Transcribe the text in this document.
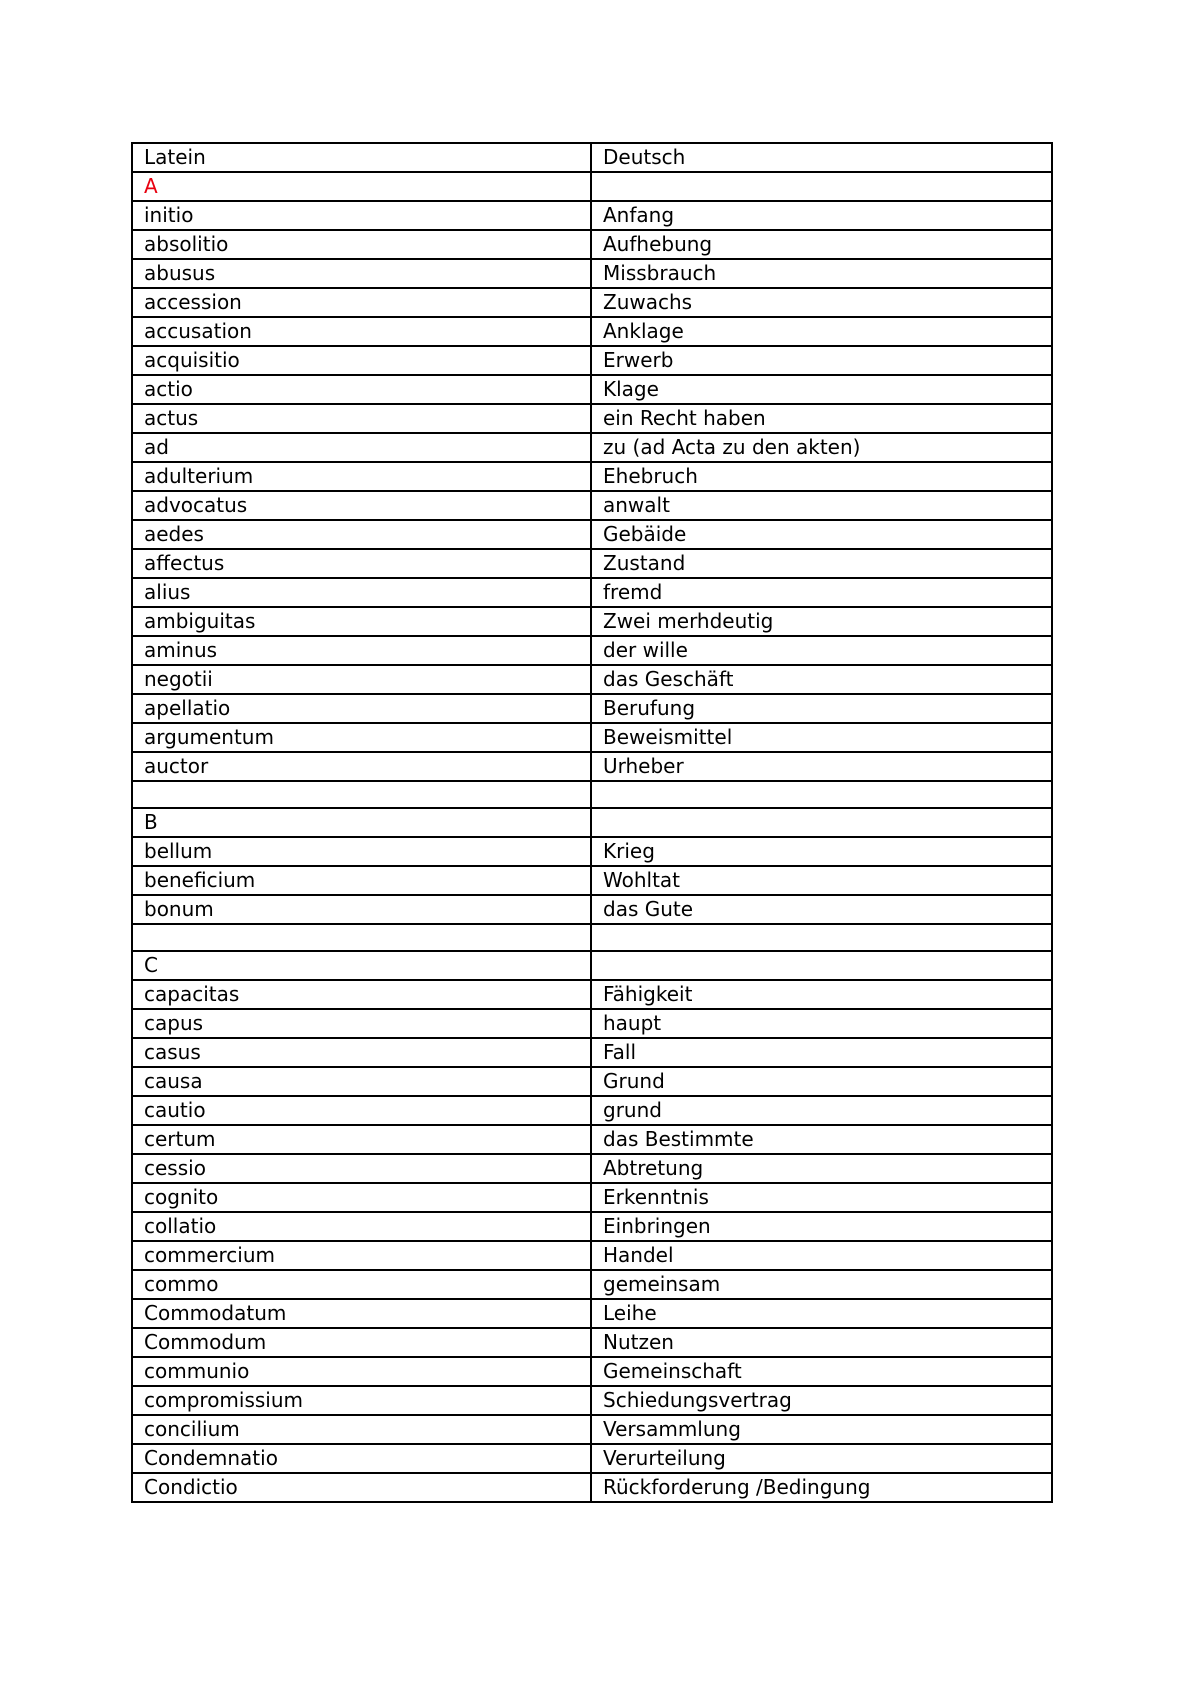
Latein	Deutsch
A	
initio	Anfang
absolitio	Aufhebung
abusus	Missbrauch
accession	Zuwachs
accusation	Anklage
acquisitio	Erwerb
actio	Klage
actus	ein Recht haben
ad	zu (ad Acta zu den akten)
adulterium	Ehebruch
advocatus	anwalt
aedes	Gebäide
affectus	Zustand
alius	fremd
ambiguitas	Zwei merhdeutig
aminus	der wille
negotii	das Geschäft
apellatio	Berufung
argumentum	Beweismittel
auctor	Urheber

B	
bellum	Krieg
beneficium	Wohltat
bonum	das Gute

C	
capacitas	Fähigkeit
capus	haupt
casus	Fall
causa	Grund
cautio	grund
certum	das Bestimmte
cessio	Abtretung
cognito	Erkenntnis
collatio	Einbringen
commercium	Handel
commo	gemeinsam
Commodatum	Leihe
Commodum	Nutzen
communio	Gemeinschaft
compromissium	Schiedungsvertrag
concilium	Versammlung
Condemnatio	Verurteilung
Condictio	Rückforderung /Bedingung
